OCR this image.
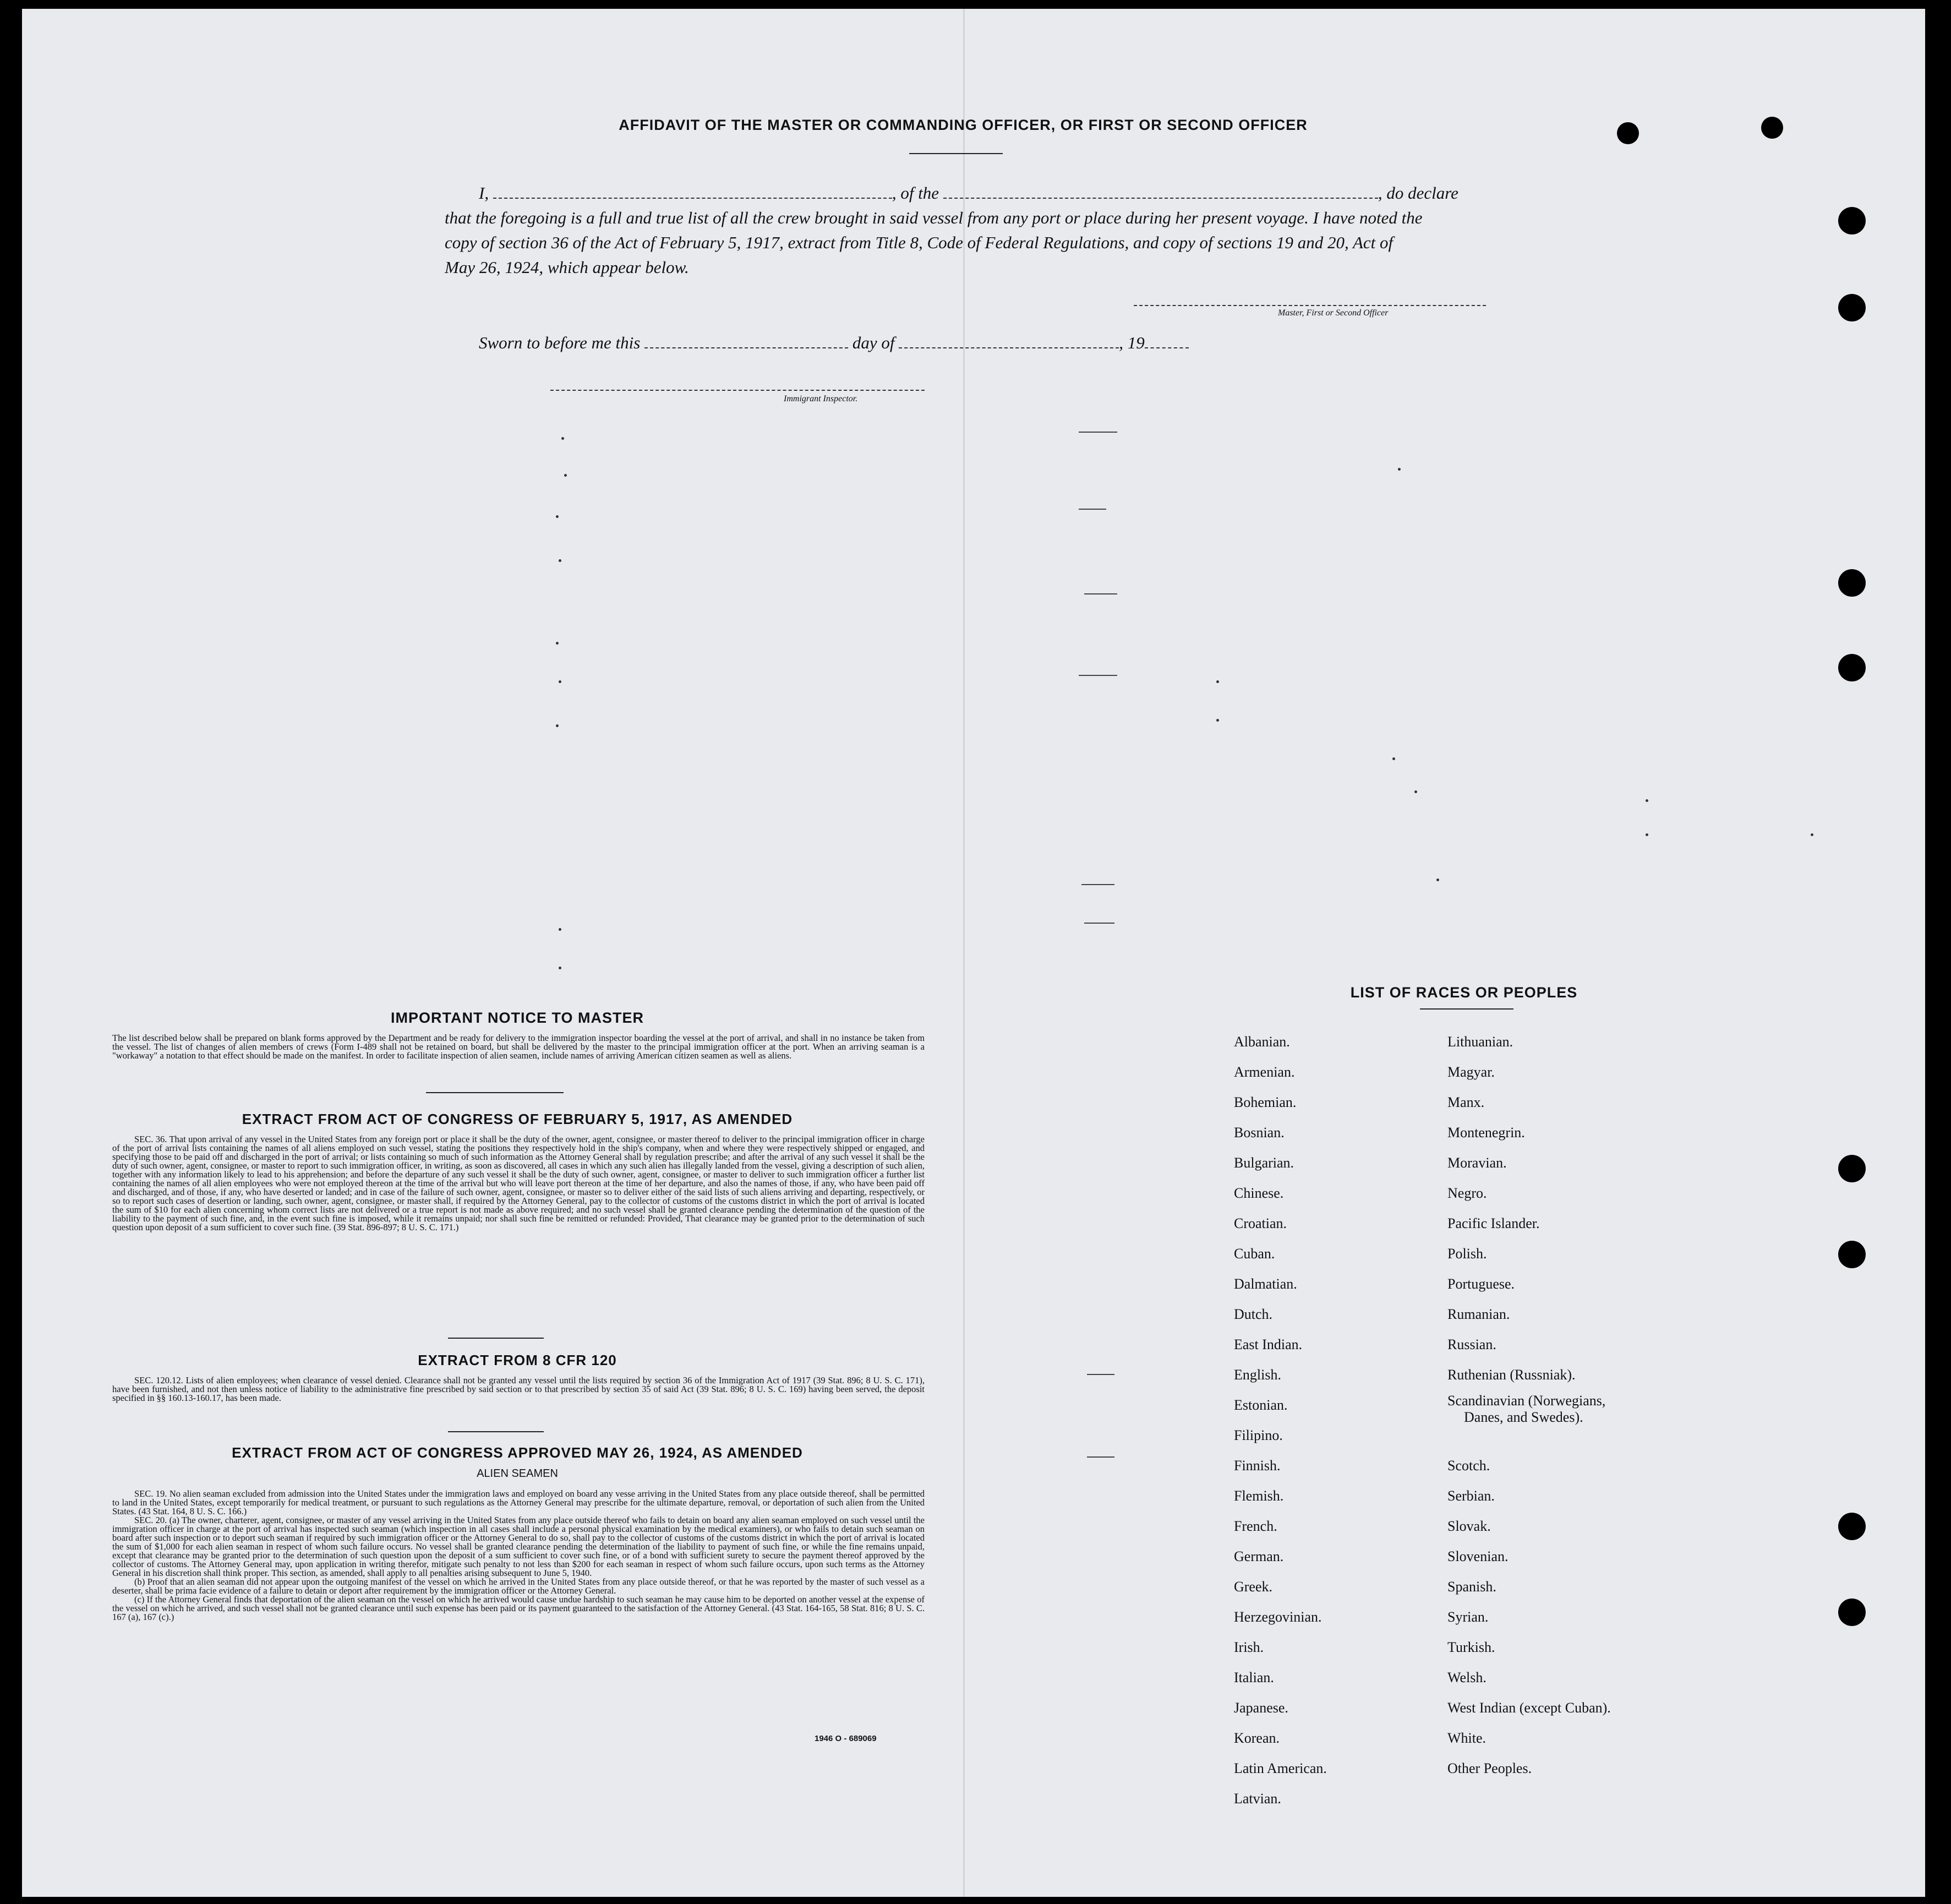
AFFIDAVIT OF THE MASTER OR COMMANDING OFFICER, OR FIRST OR SECOND OFFICER
I,	, of the	, do declare
that the foregoing is a full and true list of all the crew brought in said vessel from any port or place during her present voyage. I have noted the
copy of section 36 of the Act of February 5, 1917, extract from Title 8, Code of Federal Regulations, and copy of sections 19 and 20, Act of
May 26, 1924, which appear below.
Master, First or Second Officer
Sworn to before me this	day of	, 19
Immigrant Inspector.
IMPORTANT NOTICE TO MASTER
The list described below shall be prepared on blank forms approved by the Department and be ready for delivery to the immigration inspector boarding the vessel at the port of arrival, and shall in no instance be taken from the vessel. The list of changes of alien members of crews (Form I-489 shall not be retained on board, but shall be delivered by the master to the principal immigration officer at the port. When an arriving seaman is a "workaway" a notation to that effect should be made on the manifest. In order to facilitate inspection of alien seamen, include names of arriving American citizen seamen as well as aliens.
EXTRACT FROM ACT OF CONGRESS OF FEBRUARY 5, 1917, AS AMENDED
SEC. 36. That upon arrival of any vessel in the United States from any foreign port or place it shall be the duty of the owner, agent, consignee, or master thereof to deliver to the principal immigration officer in charge of the port of arrival lists containing the names of all aliens employed on such vessel, stating the positions they respectively hold in the ship's company, when and where they were respectively shipped or engaged, and specifying those to be paid off and discharged in the port of arrival; or lists containing so much of such information as the Attorney General shall by regulation prescribe; and after the arrival of any such vessel it shall be the duty of such owner, agent, consignee, or master to report to such immigration officer, in writing, as soon as discovered, all cases in which any such alien has illegally landed from the vessel, giving a description of such alien, together with any information likely to lead to his apprehension; and before the departure of any such vessel it shall be the duty of such owner, agent, consignee, or master to deliver to such immigration officer a further list containing the names of all alien employees who were not employed thereon at the time of the arrival but who will leave port thereon at the time of her departure, and also the names of those, if any, who have been paid off and discharged, and of those, if any, who have deserted or landed; and in case of the failure of such owner, agent, consignee, or master so to deliver either of the said lists of such aliens arriving and departing, respectively, or so to report such cases of desertion or landing, such owner, agent, consignee, or master shall, if required by the Attorney General, pay to the collector of customs of the customs district in which the port of arrival is located the sum of $10 for each alien concerning whom correct lists are not delivered or a true report is not made as above required; and no such vessel shall be granted clearance pending the determination of the question of the liability to the payment of such fine, and, in the event such fine is imposed, while it remains unpaid; nor shall such fine be remitted or refunded: Provided, That clearance may be granted prior to the determination of such question upon deposit of a sum sufficient to cover such fine. (39 Stat. 896-897; 8 U. S. C. 171.)
EXTRACT FROM 8 CFR 120
SEC. 120.12. Lists of alien employees; when clearance of vessel denied. Clearance shall not be granted any vessel until the lists required by section 36 of the Immigration Act of 1917 (39 Stat. 896; 8 U. S. C. 171), have been furnished, and not then unless notice of liability to the administrative fine prescribed by said section or to that prescribed by section 35 of said Act (39 Stat. 896; 8 U. S. C. 169) having been served, the deposit specified in §§ 160.13-160.17, has been made.
EXTRACT FROM ACT OF CONGRESS APPROVED MAY 26, 1924, AS AMENDED
ALIEN SEAMEN
SEC. 19. No alien seaman excluded from admission into the United States under the immigration laws and employed on board any vesse arriving in the United States from any place outside thereof, shall be permitted to land in the United States, except temporarily for medical treatment, or pursuant to such regulations as the Attorney General may prescribe for the ultimate departure, removal, or deportation of such alien from the United States. (43 Stat. 164, 8 U. S. C. 166.)
SEC. 20. (a) The owner, charterer, agent, consignee, or master of any vessel arriving in the United States from any place outside thereof who fails to detain on board any alien seaman employed on such vessel until the immigration officer in charge at the port of arrival has inspected such seaman (which inspection in all cases shall include a personal physical examination by the medical examiners), or who fails to detain such seaman on board after such inspection or to deport such seaman if required by such immigration officer or the Attorney General to do so, shall pay to the collector of customs of the customs district in which the port of arrival is located the sum of $1,000 for each alien seaman in respect of whom such failure occurs. No vessel shall be granted clearance pending the determination of the liability to payment of such fine, or while the fine remains unpaid, except that clearance may be granted prior to the determination of such question upon the deposit of a sum sufficient to cover such fine, or of a bond with sufficient surety to secure the payment thereof approved by the collector of customs. The Attorney General may, upon application in writing therefor, mitigate such penalty to not less than $200 for each seaman in respect of whom such failure occurs, upon such terms as the Attorney General in his discretion shall think proper. This section, as amended, shall apply to all penalties arising subsequent to June 5, 1940.
(b) Proof that an alien seaman did not appear upon the outgoing manifest of the vessel on which he arrived in the United States from any place outside thereof, or that he was reported by the master of such vessel as a deserter, shall be prima facie evidence of a failure to detain or deport after requirement by the immigration officer or the Attorney General.
(c) If the Attorney General finds that deportation of the alien seaman on the vessel on which he arrived would cause undue hardship to such seaman he may cause him to be deported on another vessel at the expense of the vessel on which he arrived, and such vessel shall not be granted clearance until such expense has been paid or its payment guaranteed to the satisfaction of the Attorney General. (43 Stat. 164-165, 58 Stat. 816; 8 U. S. C. 167 (a), 167 (c).)
1946 O - 689069
LIST OF RACES OR PEOPLES
Albanian.
Armenian.
Bohemian.
Bosnian.
Bulgarian.
Chinese.
Croatian.
Cuban.
Dalmatian.
Dutch.
East Indian.
English.
Estonian.
Filipino.
Finnish.
Flemish.
French.
German.
Greek.
Herzegovinian.
Irish.
Italian.
Japanese.
Korean.
Latin American.
Latvian.
Lithuanian.
Magyar.
Manx.
Montenegrin.
Moravian.
Negro.
Pacific Islander.
Polish.
Portuguese.
Rumanian.
Russian.
Ruthenian (Russniak).
Scandinavian (Norwegians,
Danes, and Swedes).
Scotch.
Serbian.
Slovak.
Slovenian.
Spanish.
Syrian.
Turkish.
Welsh.
West Indian (except Cuban).
White.
Other Peoples.
